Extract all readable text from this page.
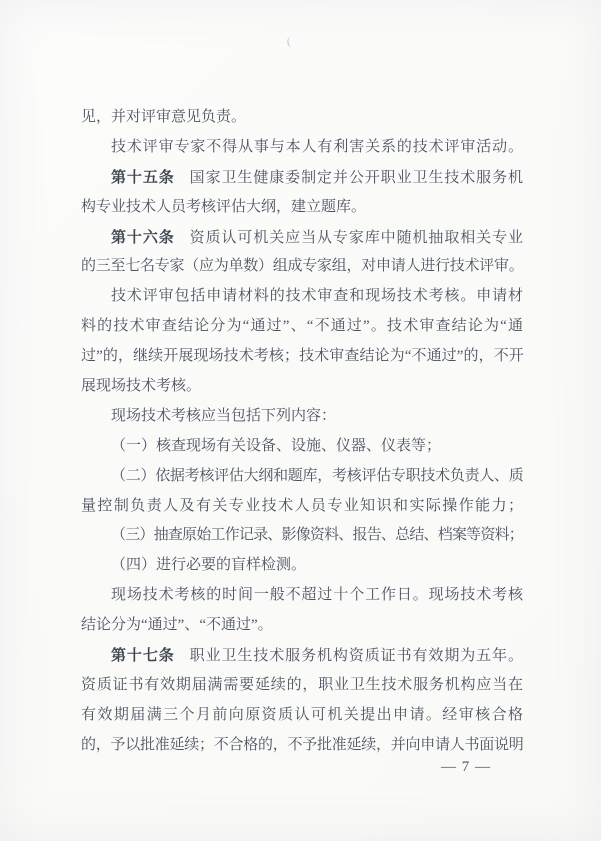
(
见，并对评审意见负责。
技术评审专家不得从事与本人有利害关系的技术评审活动。
第十五条 国家卫生健康委制定并公开职业卫生技术服务机
构专业技术人员考核评估大纲，建立题库。
第十六条 资质认可机关应当从专家库中随机抽取相关专业
的三至七名专家（应为单数）组成专家组，对申请人进行技术评审。
技术评审包括申请材料的技术审查和现场技术考核。申请材
料的技术审查结论分为“通过”、“不通过”。技术审查结论为“通
过”的，继续开展现场技术考核；技术审查结论为“不通过”的，不开
展现场技术考核。
现场技术考核应当包括下列内容：
（一）核查现场有关设备、设施、仪器、仪表等；
（二）依据考核评估大纲和题库，考核评估专职技术负责人、质
量控制负责人及有关专业技术人员专业知识和实际操作能力；
（三）抽查原始工作记录、影像资料、报告、总结、档案等资料；
（四）进行必要的盲样检测。
现场技术考核的时间一般不超过十个工作日。现场技术考核
结论分为“通过”、“不通过”。
第十七条 职业卫生技术服务机构资质证书有效期为五年。
资质证书有效期届满需要延续的，职业卫生技术服务机构应当在
有效期届满三个月前向原资质认可机关提出申请。经审核合格
的，予以批准延续；不合格的，不予批准延续，并向申请人书面说明
— 7 —
